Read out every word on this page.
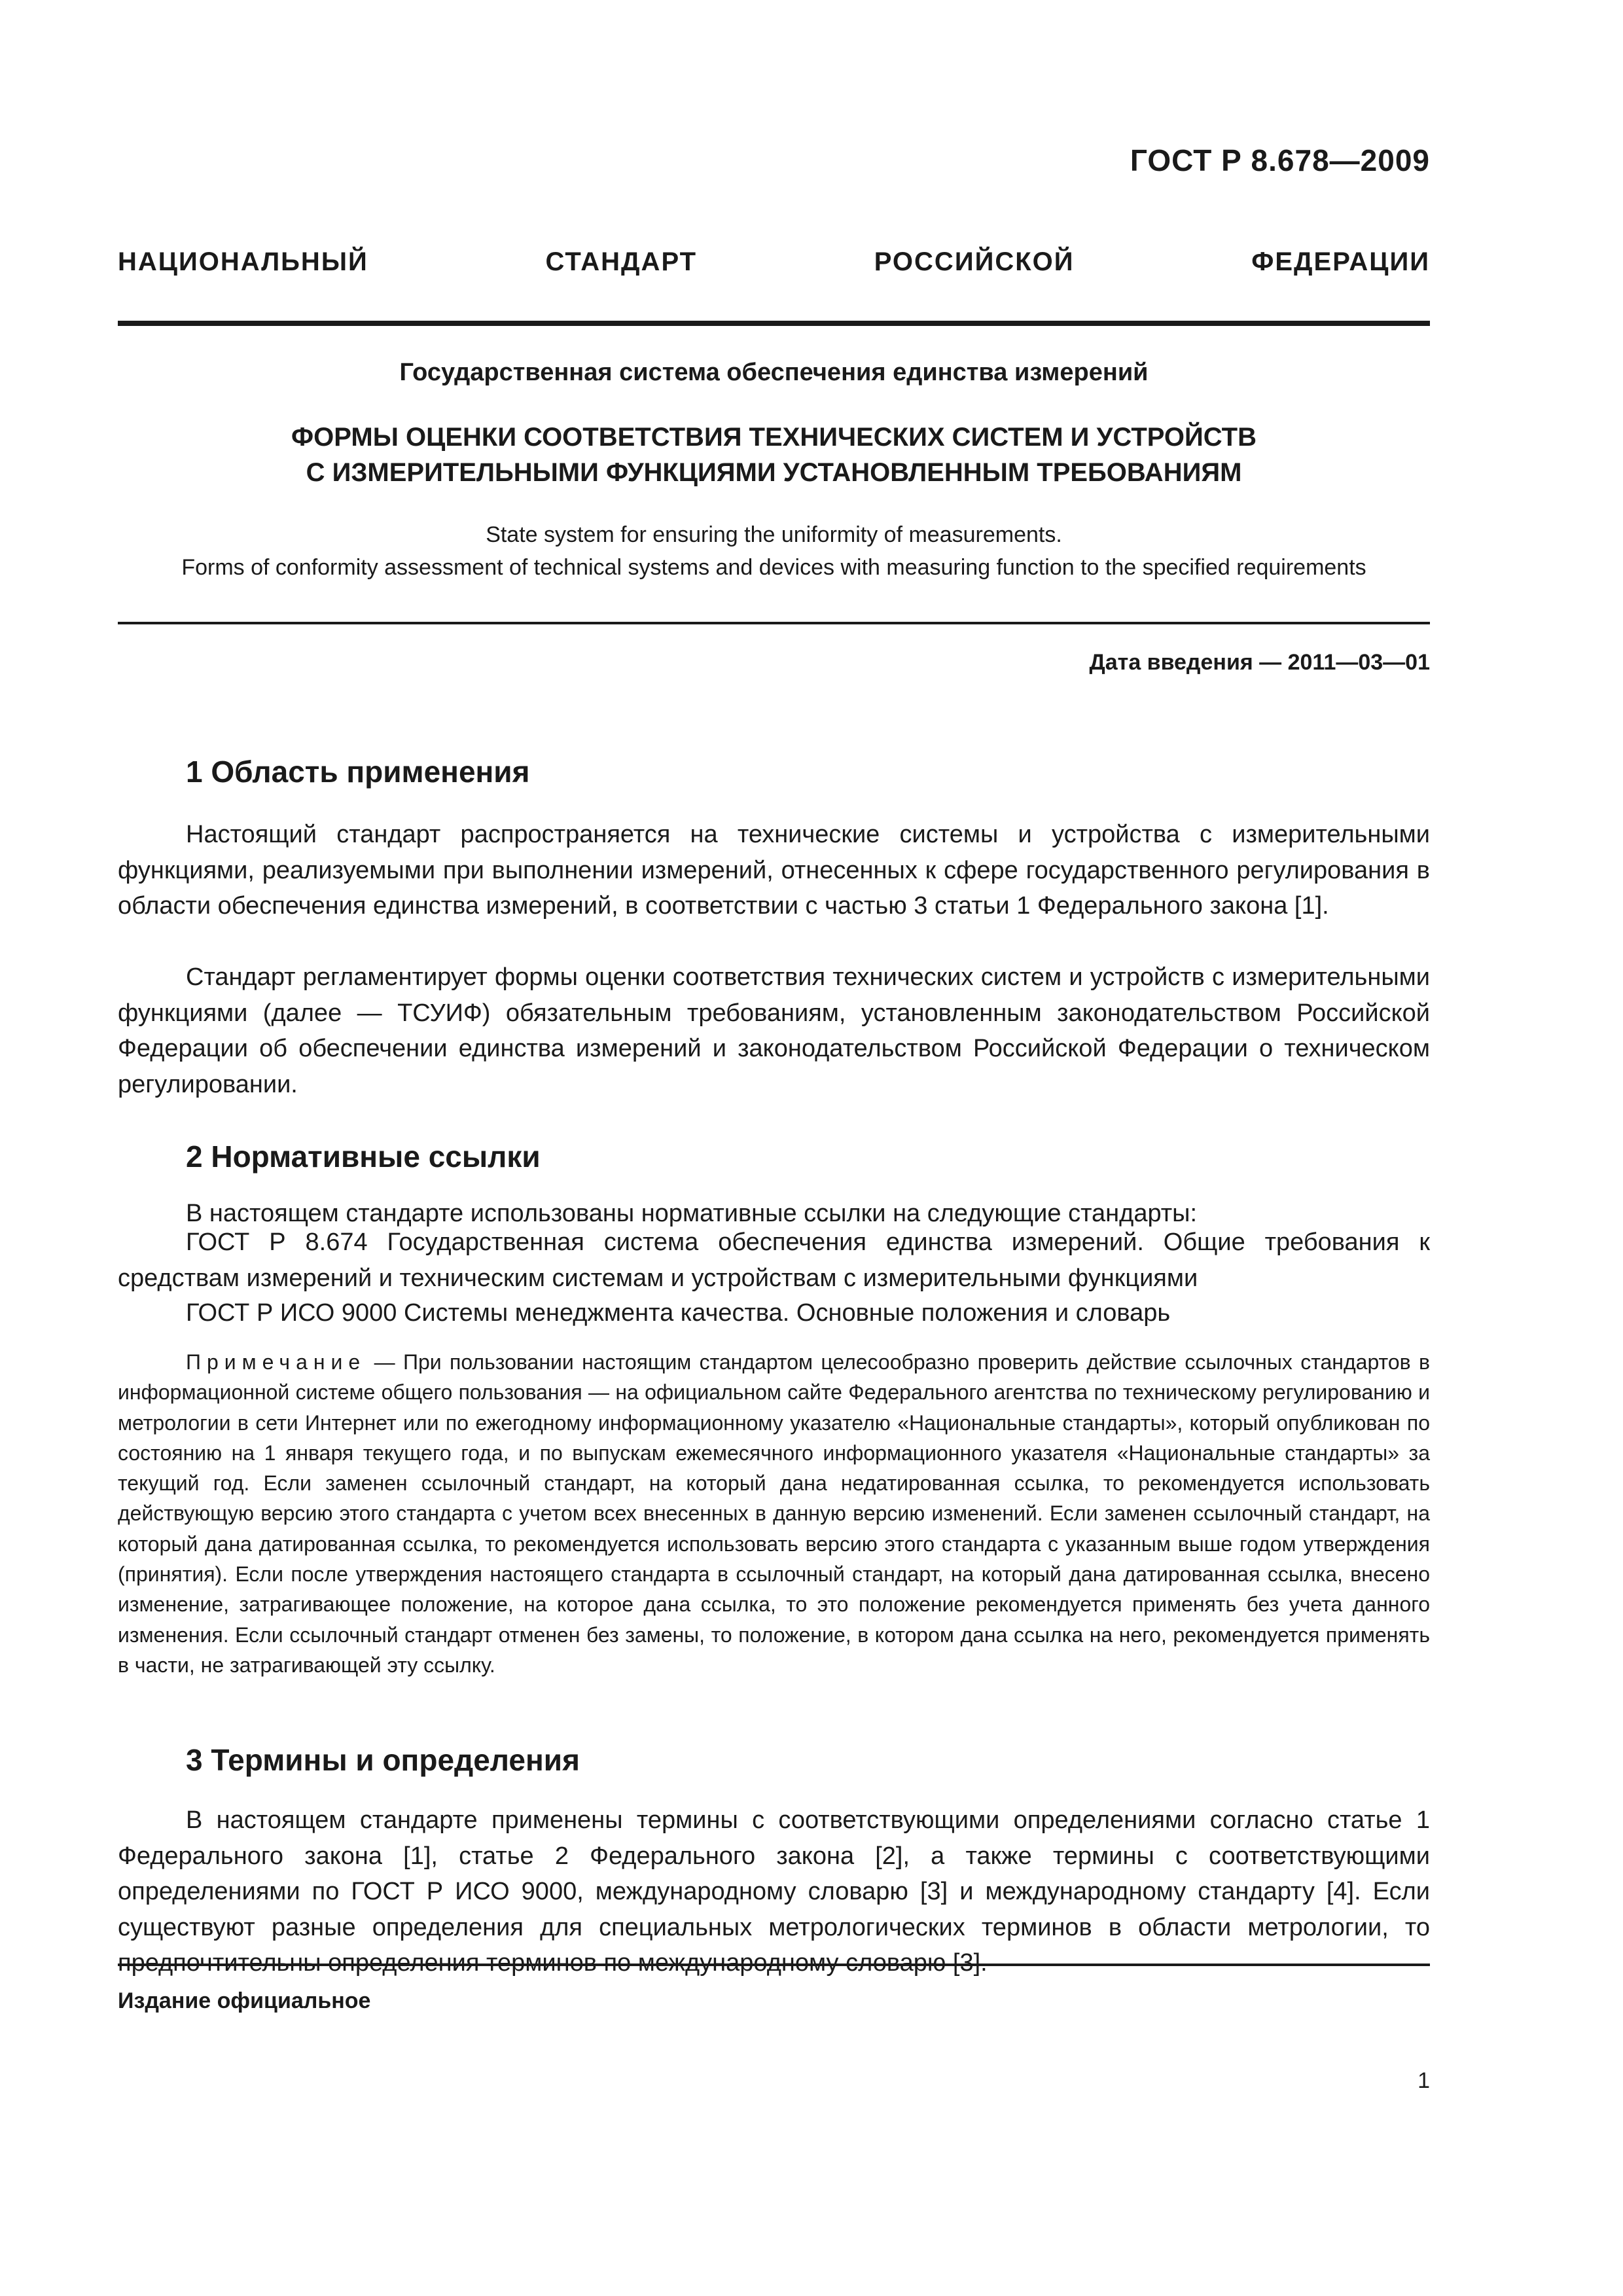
ГОСТ Р 8.678—2009
НАЦИОНАЛЬНЫЙ СТАНДАРТ РОССИЙСКОЙ ФЕДЕРАЦИИ
Государственная система обеспечения единства измерений
ФОРМЫ ОЦЕНКИ СООТВЕТСТВИЯ ТЕХНИЧЕСКИХ СИСТЕМ И УСТРОЙСТВ
С ИЗМЕРИТЕЛЬНЫМИ ФУНКЦИЯМИ УСТАНОВЛЕННЫМ ТРЕБОВАНИЯМ
State system for ensuring the uniformity of measurements.
Forms of conformity assessment of technical systems and devices with measuring function to the specified requirements
Дата введения — 2011—03—01
1 Область применения

Настоящий стандарт распространяется на технические системы и устройства с измерительными функциями, реализуемыми при выполнении измерений, отнесенных к сфере государственного регулирования в области обеспечения единства измерений, в соответствии с частью 3 статьи 1 Федерального закона [1].

Стандарт регламентирует формы оценки соответствия технических систем и устройств с измерительными функциями (далее — ТСУИФ) обязательным требованиям, установленным законодательством Российской Федерации об обеспечении единства измерений и законодательством Российской Федерации о техническом регулировании.

2 Нормативные ссылки
В настоящем стандарте использованы нормативные ссылки на следующие стандарты:

ГОСТ Р 8.674 Государственная система обеспечения единства измерений. Общие требования к средствам измерений и техническим системам и устройствам с измерительными функциями

ГОСТ Р ИСО 9000 Системы менеджмента качества. Основные положения и словарь

Примечание — При пользовании настоящим стандартом целесообразно проверить действие ссылочных стандартов в информационной системе общего пользования — на официальном сайте Федерального агентства по техническому регулированию и метрологии в сети Интернет или по ежегодному информационному указателю «Национальные стандарты», который опубликован по состоянию на 1 января текущего года, и по выпускам ежемесячного информационного указателя «Национальные стандарты» за текущий год. Если заменен ссылочный стандарт, на который дана недатированная ссылка, то рекомендуется использовать действующую версию этого стандарта с учетом всех внесенных в данную версию изменений. Если заменен ссылочный стандарт, на который дана датированная ссылка, то рекомендуется использовать версию этого стандарта с указанным выше годом утверждения (принятия). Если после утверждения настоящего стандарта в ссылочный стандарт, на который дана датированная ссылка, внесено изменение, затрагивающее положение, на которое дана ссылка, то это положение рекомендуется применять без учета данного изменения. Если ссылочный стандарт отменен без замены, то положение, в котором дана ссылка на него, рекомендуется применять в части, не затрагивающей эту ссылку.

3 Термины и определения

В настоящем стандарте применены термины с соответствующими определениями согласно статье 1 Федерального закона [1], статье 2 Федерального закона [2], а также термины с соответствующими определениями по ГОСТ Р ИСО 9000, международному словарю [3] и международному стандарту [4]. Если существуют разные определения для специальных метрологических терминов в области метрологии, то предпочтительны определения терминов по международному словарю [3].

Издание официальное
1
